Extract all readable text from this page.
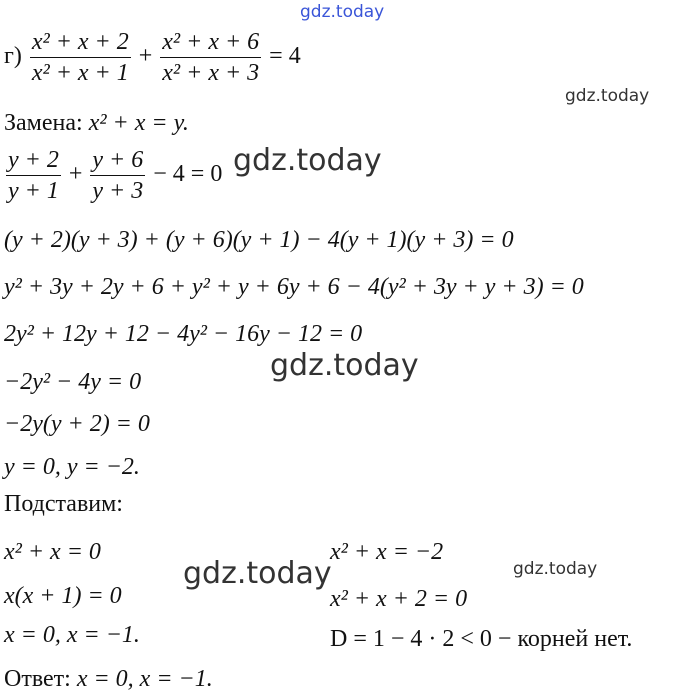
gdz.today
gdz.today
gdz.today
gdz.today
gdz.today	gdz.today
$г) \frac{\text{x² + x + 2}}{\text{x² + x + 1}} + \frac{\text{x² + x + 6}}{\text{x² + x + 3}} = 4$
Замена: x² + x = y.
$\frac{y + 2}{y + 1} + \frac{y + 6}{y + 3} - 4 = 0$
(y + 2)(y + 3) + (y + 6)(y + 1) − 4(y + 1)(y + 3) = 0
y² + 3y + 2y + 6 + y² + y + 6y + 6 − 4(y² + 3y + y + 3) = 0
2y² + 12y + 12 − 4y² − 16y − 12 = 0
−2y² − 4y = 0
−2y(y + 2) = 0
y = 0, y = −2.
Подставим:
x² + x = 0
x(x + 1) = 0
x = 0, x = −1.
x² + x = −2
x² + x + 2 = 0
D = 1 − 4 · 2 < 0 − корней нет.
Ответ: x = 0, x = −1.
